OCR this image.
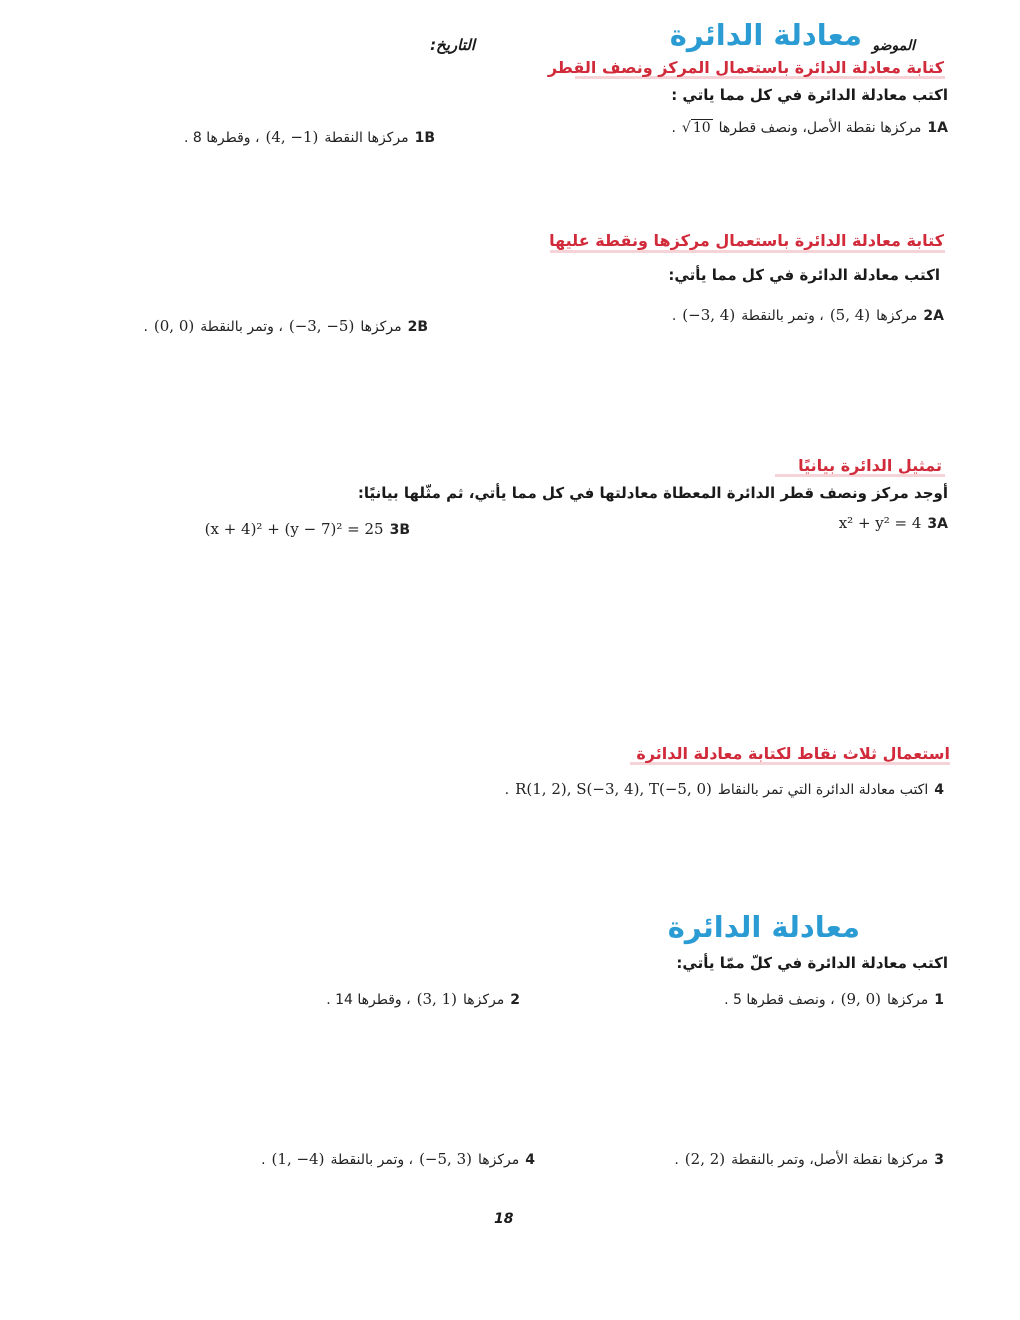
معادلة الدائرة الموضو
التاريخ:
كتابة معادلة الدائرة باستعمال المركز ونصف القطر
اكتب معادلة الدائرة في كل مما ياتي :
1A
مركزها نقطة الأصل، ونصف قطرها
√ 10
.
1B
مركزها النقطة
(4, −1)
، وقطرها 8 .
كتابة معادلة الدائرة باستعمال مركزها ونقطة عليها
اكتب معادلة الدائرة في كل مما يأتي:
2A
مركزها
(5, 4)
، وتمر بالنقطة
(−3, 4)
.
2B
مركزها
(−3, −5)
، وتمر بالنقطة
(0, 0)
.
تمثيل الدائرة بيانيًا
أوجد مركز ونصف قطر الدائرة المعطاة معادلتها في كل مما يأتي، ثم مثّلها بيانيًا:
3A
x² + y² = 4
3B
(x + 4)² + (y − 7)² = 25
استعمال ثلاث نقاط لكتابة معادلة الدائرة
4
اكتب معادلة الدائرة التي تمر بالنقاط
R(1, 2), S(−3, 4), T(−5, 0)
.
معادلة الدائرة
اكتب معادلة الدائرة في كلّ ممّا يأتي:
1
مركزها
(9, 0)
، ونصف قطرها 5 .
2
مركزها
(3, 1)
، وقطرها 14 .
3
مركزها نقطة الأصل، وتمر بالنقطة
(2, 2)
.
4
مركزها
(−5, 3)
، وتمر بالنقطة
(1, −4)
.
18
